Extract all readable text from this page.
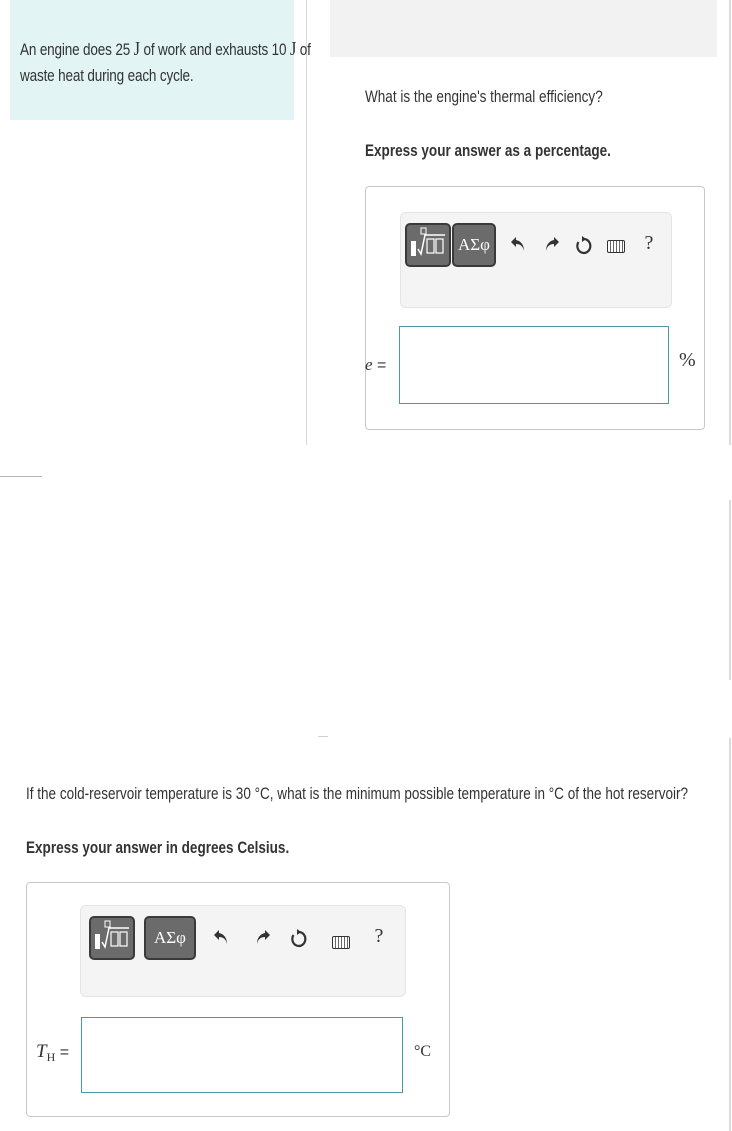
An engine does 25 J of work and exhausts 10 J of
waste heat during each cycle.
What is the engine's thermal efficiency?
Express your answer as a percentage.
ΑΣφ	?
e =	%
If the cold-reservoir temperature is 30 °C, what is the minimum possible temperature in °C of the hot reservoir?
Express your answer in degrees Celsius.
ΑΣφ	?
$T_H$ =	°C
